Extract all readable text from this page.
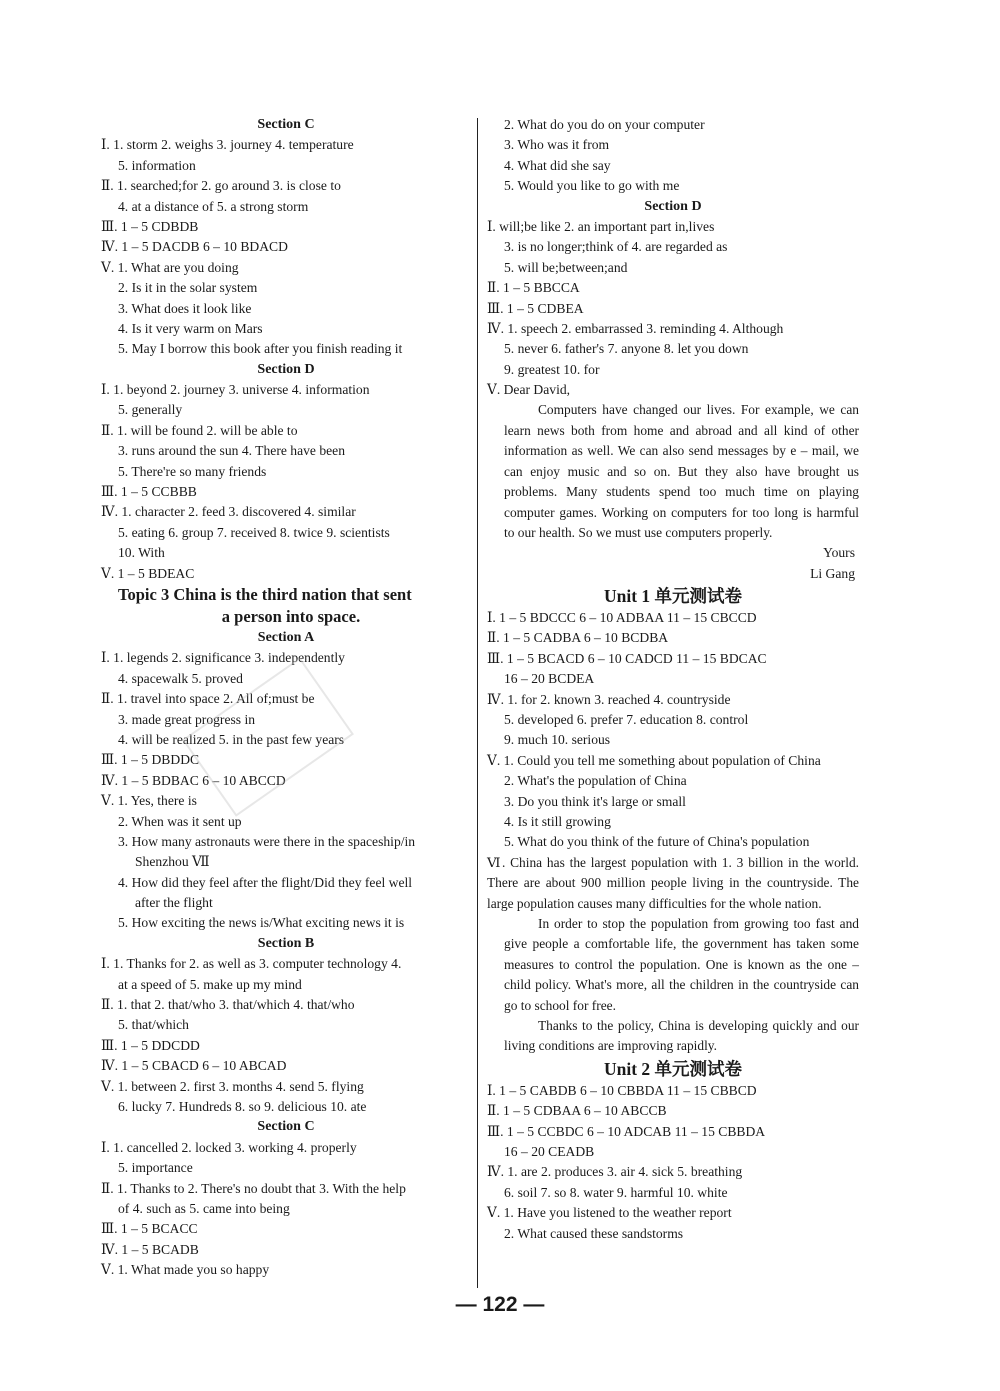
Section C
Ⅰ. 1. storm 2. weighs 3. journey 4. temperature
5. information
Ⅱ. 1. searched;for 2. go around 3. is close to
4. at a distance of 5. a strong storm
Ⅲ. 1 – 5 CDBDB
Ⅳ. 1 – 5 DACDB 6 – 10 BDACD
Ⅴ. 1. What are you doing
2. Is it in the solar system
3. What does it look like
4. Is it very warm on Mars
5. May I borrow this book after you finish reading it
Section D
Ⅰ. 1. beyond 2. journey 3. universe 4. information
5. generally
Ⅱ. 1. will be found 2. will be able to
3. runs around the sun 4. There have been
5. There're so many friends
Ⅲ. 1 – 5 CCBBB
Ⅳ. 1. character 2. feed 3. discovered 4. similar
5. eating 6. group 7. received 8. twice 9. scientists
10. With
Ⅴ. 1 – 5 BDEAC
Topic 3 China is the third nation that sent
a person into space.
Section A
Ⅰ. 1. legends 2. significance 3. independently
4. spacewalk 5. proved
Ⅱ. 1. travel into space 2. All of;must be
3. made great progress in
4. will be realized 5. in the past few years
Ⅲ. 1 – 5 DBDDC
Ⅳ. 1 – 5 BDBAC 6 – 10 ABCCD
Ⅴ. 1. Yes, there is
2. When was it sent up
3. How many astronauts were there in the spaceship/in
Shenzhou Ⅶ
4. How did they feel after the flight/Did they feel well
after the flight
5. How exciting the news is/What exciting news it is
Section B
Ⅰ. 1. Thanks for 2. as well as 3. computer technology 4.
at a speed of 5. make up my mind
Ⅱ. 1. that 2. that/who 3. that/which 4. that/who
5. that/which
Ⅲ. 1 – 5 DDCDD
Ⅳ. 1 – 5 CBACD 6 – 10 ABCAD
Ⅴ. 1. between 2. first 3. months 4. send 5. flying
6. lucky 7. Hundreds 8. so 9. delicious 10. ate
Section C
Ⅰ. 1. cancelled 2. locked 3. working 4. properly
5. importance
Ⅱ. 1. Thanks to 2. There's no doubt that 3. With the help
of 4. such as 5. came into being
Ⅲ. 1 – 5 BCACC
Ⅳ. 1 – 5 BCADB
Ⅴ. 1. What made you so happy
2. What do you do on your computer
3. Who was it from
4. What did she say
5. Would you like to go with me
Section D
Ⅰ. will;be like 2. an important part in,lives
3. is no longer;think of 4. are regarded as
5. will be;between;and
Ⅱ. 1 – 5 BBCCA
Ⅲ. 1 – 5 CDBEA
Ⅳ. 1. speech 2. embarrassed 3. reminding 4. Although
5. never 6. father's 7. anyone 8. let you down
9. greatest 10. for
Ⅴ. Dear David,
Computers have changed our lives. For example, we can learn news both from home and abroad and all kind of other information as well. We can also send messages by e – mail, we can enjoy music and so on. But they also have brought us problems. Many students spend too much time on playing computer games. Working on computers for too long is harmful to our health. So we must use computers properly.
Yours
Li Gang
Unit 1 单元测试卷
Ⅰ. 1 – 5 BDCCC 6 – 10 ADBAA 11 – 15 CBCCD
Ⅱ. 1 – 5 CADBA 6 – 10 BCDBA
Ⅲ. 1 – 5 BCACD 6 – 10 CADCD 11 – 15 BDCAC
16 – 20 BCDEA
Ⅳ. 1. for 2. known 3. reached 4. countryside
5. developed 6. prefer 7. education 8. control
9. much 10. serious
Ⅴ. 1. Could you tell me something about population of China
2. What's the population of China
3. Do you think it's large or small
4. Is it still growing
5. What do you think of the future of China's population
Ⅵ. China has the largest population with 1. 3 billion in the world. There are about 900 million people living in the countryside. The large population causes many difficulties for the whole nation.
In order to stop the population from growing too fast and give people a comfortable life, the government has taken some measures to control the population. One is known as the one – child policy. What's more, all the children in the countryside can go to school for free.
Thanks to the policy, China is developing quickly and our living conditions are improving rapidly.
Unit 2 单元测试卷
Ⅰ. 1 – 5 CABDB 6 – 10 CBBDA 11 – 15 CBBCD
Ⅱ. 1 – 5 CDBAA 6 – 10 ABCCB
Ⅲ. 1 – 5 CCBDC 6 – 10 ADCAB 11 – 15 CBBDA
16 – 20 CEADB
Ⅳ. 1. are 2. produces 3. air 4. sick 5. breathing
6. soil 7. so 8. water 9. harmful 10. white
Ⅴ. 1. Have you listened to the weather report
2. What caused these sandstorms
— 122 —
